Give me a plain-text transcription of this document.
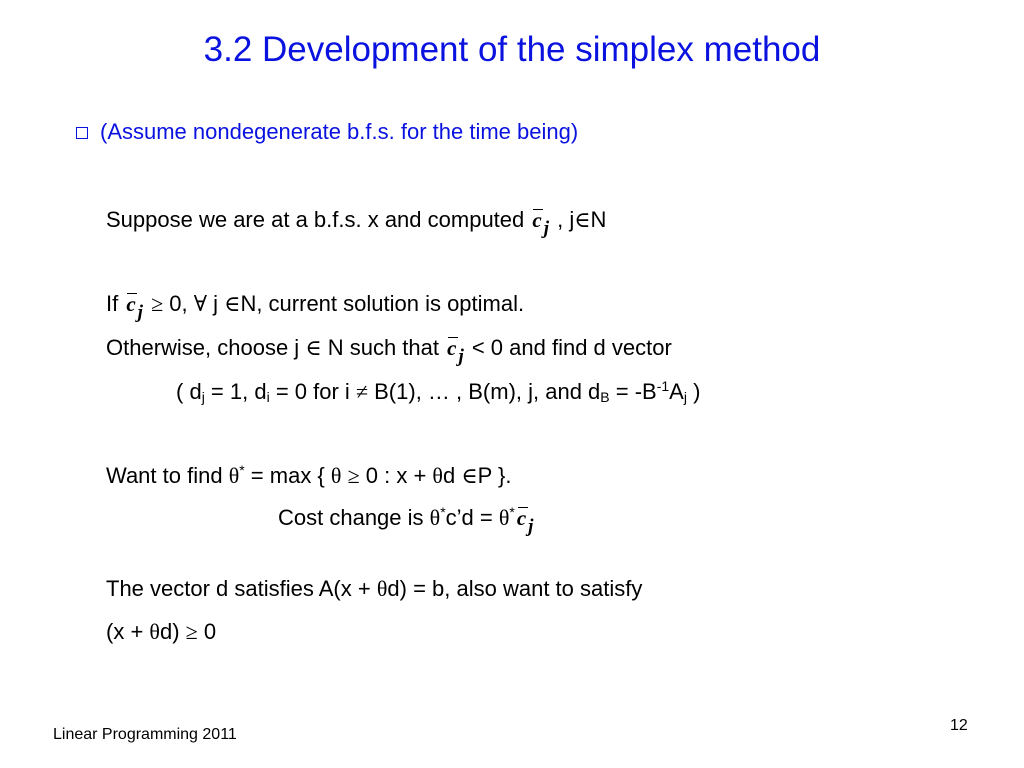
3.2 Development of the simplex method
(Assume nondegenerate b.f.s. for the time being)
Suppose we are at a b.f.s. x and computed c j , j∈N
If c j ≥ 0, ∀ j ∈N, current solution is optimal.
Otherwise, choose j ∈ N such that c j < 0 and find d vector
( $d_j = 1$, $d_i = 0$ for i ≠ B(1), … , B(m), j, and $d_B = -B^{-1}A_j$ )
Want to find θ* = max { θ ≥ 0 : x + θd ∈P }.
Cost change is θ*c’d = θ*c j
The vector d satisfies A(x + θd) = b, also want to satisfy
(x + θd) ≥ 0
Linear Programming 2011
12
